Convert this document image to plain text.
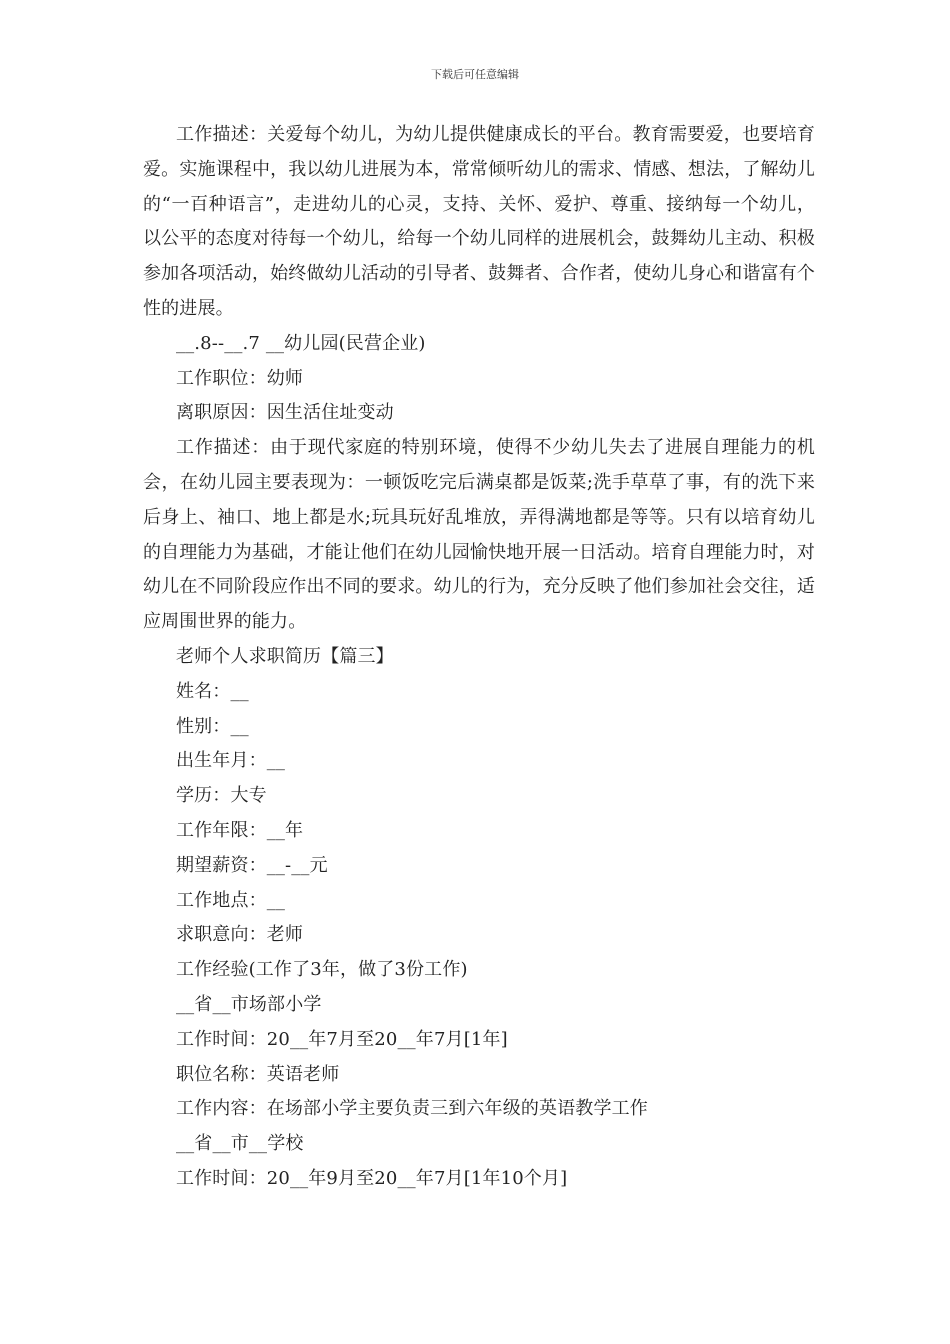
下载后可任意编辑

工作描述：关爱每个幼儿，为幼儿提供健康成长的平台。教育需要爱，也要培育爱。实施课程中，我以幼儿进展为本，常常倾听幼儿的需求、情感、想法，了解幼儿的“一百种语言”，走进幼儿的心灵，支持、关怀、爱护、尊重、接纳每一个幼儿，以公平的态度对待每一个幼儿，给每一个幼儿同样的进展机会，鼓舞幼儿主动、积极参加各项活动，始终做幼儿活动的引导者、鼓舞者、合作者，使幼儿身心和谐富有个性的进展。

__.8--__.7 __幼儿园(民营企业)

工作职位：幼师

离职原因：因生活住址变动

工作描述：由于现代家庭的特别环境，使得不少幼儿失去了进展自理能力的机会，在幼儿园主要表现为：一顿饭吃完后满桌都是饭菜;洗手草草了事，有的洗下来后身上、袖口、地上都是水;玩具玩好乱堆放，弄得满地都是等等。只有以培育幼儿的自理能力为基础，才能让他们在幼儿园愉快地开展一日活动。培育自理能力时，对幼儿在不同阶段应作出不同的要求。幼儿的行为，充分反映了他们参加社会交往，适应周围世界的能力。

老师个人求职简历【篇三】

姓名：__

性别：__

出生年月：__

学历：大专

工作年限：__年

期望薪资：__-__元

工作地点：__

求职意向：老师

工作经验(工作了3年，做了3份工作)

__省__市场部小学

工作时间：20__年7月至20__年7月[1年]

职位名称：英语老师

工作内容：在场部小学主要负责三到六年级的英语教学工作

__省__市__学校

工作时间：20__年9月至20__年7月[1年10个月]
